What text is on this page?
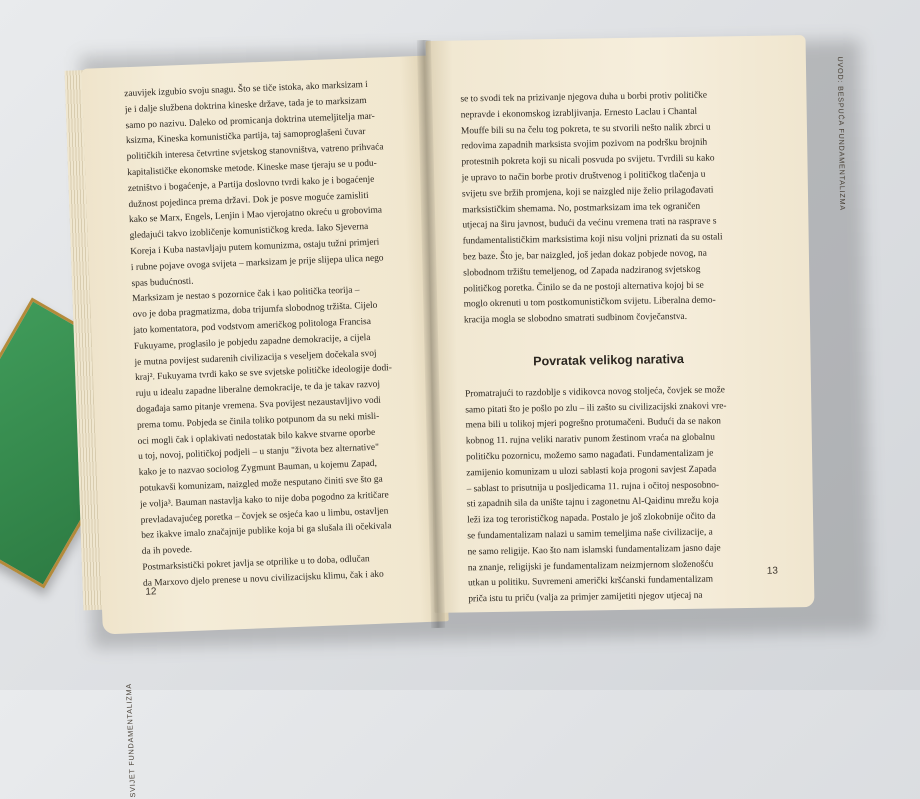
zauvijek izgubio svoju snagu. Što se tiče istoka, ako marksizam i
je i dalje službena doktrina kineske države, tada je to marksizam
samo po nazivu. Daleko od promicanja doktrina utemeljitelja mar-
ksizma, Kineska komunistička partija, taj samoproglašeni čuvar
političkih interesa četvrtine svjetskog stanovništva, vatreno prihvaća
kapitalističke ekonomske metode. Kineske mase tjeraju se u podu-
zetništvo i bogaćenje, a Partija doslovno tvrdi kako je i bogaćenje
dužnost pojedinca prema državi. Dok je posve moguće zamisliti
kako se Marx, Engels, Lenjin i Mao vjerojatno okreću u grobovima
gledajući takvo izobličenje komunističkog kreda. Iako Sjeverna
Koreja i Kuba nastavljaju putem komunizma, ostaju tužni primjeri
i rubne pojave ovoga svijeta – marksizam je prije slijepa ulica nego
spas budućnosti.
Marksizam je nestao s pozornice čak i kao politička teorija –
ovo je doba pragmatizma, doba trijumfa slobodnog tržišta. Cijelo
jato komentatora, pod vodstvom američkog politologa Francisa
Fukuyame, proglasilo je pobjedu zapadne demokracije, a cijela
je mutna povijest sudarenih civilizacija s veseljem dočekala svoj
kraj². Fukuyama tvrdi kako se sve svjetske političke ideologije dodi-
ruju u idealu zapadne liberalne demokracije, te da je takav razvoj
događaja samo pitanje vremena. Sva povijest nezaustavljivo vodi
prema tomu. Pobjeda se činila toliko potpunom da su neki misli-
oci mogli čak i oplakivati nedostatak bilo kakve stvarne oporbe
u toj, novoj, političkoj podjeli – u stanju "života bez alternative"
kako je to nazvao sociolog Zygmunt Bauman, u kojemu Zapad,
potukavši komunizam, naizgled može nesputano činiti sve što ga
je volja³. Bauman nastavlja kako to nije doba pogodno za kritičare
prevladavajućeg poretka – čovjek se osjeća kao u limbu, ostavljen
bez ikakve imalo značajnije publike koja bi ga slušala ili očekivala
da ih povede.
Postmarksistički pokret javlja se otprilike u to doba, odlučan
da Marxovo djelo prenese u novu civilizacijsku klimu, čak i ako
12
SVIJET FUNDAMENTALIZMA
se to svodi tek na prizivanje njegova duha u borbi protiv političke
nepravde i ekonomskog izrabljivanja. Ernesto Laclau i Chantal
Mouffe bili su na čelu tog pokreta, te su stvorili nešto nalik zbrci u
redovima zapadnih marksista svojim pozivom na podršku brojnih
protestnih pokreta koji su nicali posvuda po svijetu. Tvrdili su kako
je upravo to način borbe protiv društvenog i političkog tlačenja u
svijetu sve bržih promjena, koji se naizgled nije želio prilagođavati
marksističkim shemama. No, postmarksizam ima tek ograničen
utjecaj na širu javnost, budući da većinu vremena trati na rasprave s
fundamentalističkim marksistima koji nisu voljni priznati da su ostali
bez baze. Što je, bar naizgled, još jedan dokaz pobjede novog, na
slobodnom tržištu temeljenog, od Zapada nadziranog svjetskog
političkog poretka. Činilo se da ne postoji alternativa kojoj bi se
moglo okrenuti u tom postkomunističkom svijetu. Liberalna demo-
kracija mogla se slobodno smatrati sudbinom čovječanstva.
Povratak velikog narativa
Promatrajući to razdoblje s vidikovca novog stoljeća, čovjek se može
samo pitati što je pošlo po zlu – ili zašto su civilizacijski znakovi vre-
mena bili u tolikoj mjeri pogrešno protumačeni. Budući da se nakon
kobnog 11. rujna veliki narativ punom žestinom vraća na globalnu
političku pozornicu, možemo samo nagađati. Fundamentalizam je
zamijenio komunizam u ulozi sablasti koja progoni savjest Zapada
– sablast to prisutnija u posljedicama 11. rujna i očitoj nesposobno-
sti zapadnih sila da unište tajnu i zagonetnu Al-Qaidinu mrežu koja
leži iza tog terorističkog napada. Postalo je još zlokobnije očito da
se fundamentalizam nalazi u samim temeljima naše civilizacije, a
ne samo religije. Kao što nam islamski fundamentalizam jasno daje
na znanje, religijski je fundamentalizam neizmjernom složenošću
utkan u politiku. Suvremeni američki kršćanski fundamentalizam
priča istu tu priču (valja za primjer zamijetiti njegov utjecaj na
13
UVOD: BESPUĆA FUNDAMENTALIZMA
